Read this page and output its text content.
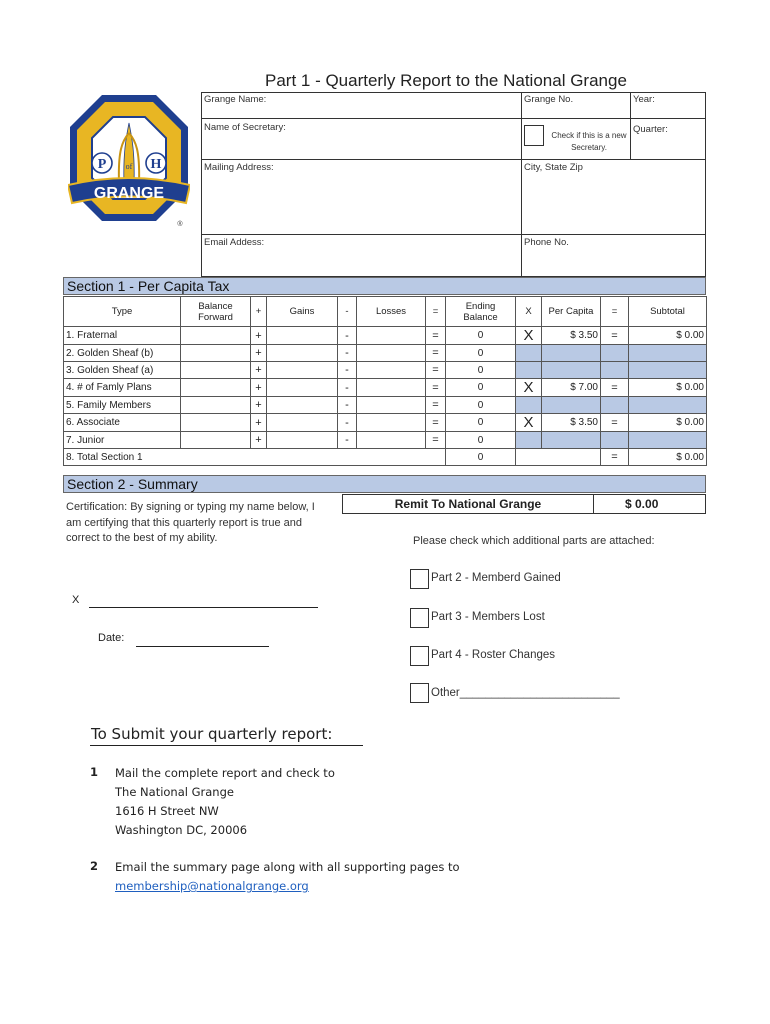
Part 1 - Quarterly Report to the National Grange
P of H
GRANGE
®
Grange Name:	Grange No.	Year:
Name of Secretary:
Check if this is a new Secretary.
Quarter:
Mailing Address:	City, State Zip
Email Addess:	Phone No.
Section 1 - Per Capita Tax
Type	Balance Forward	+	Gains	-	Losses	=	Ending Balance	X	Per Capita	=	Subtotal
1. Fraternal		+		-		=	0	X	$ 3.50	=	$ 0.00
2. Golden Sheaf (b)		+		-		=	0				
3. Golden Sheaf (a)		+		-		=	0				
4. # of Famly Plans		+		-		=	0	X	$ 7.00	=	$ 0.00
5. Family Members		+		-		=	0				
6. Associate		+		-		=	0	X	$ 3.50	=	$ 0.00
7. Junior		+		-		=	0				
8. Total Section 1							0			=	$ 0.00
Section 2 - Summary
Remit To National Grange	$ 0.00
Certification: By signing or typing my name below, I am certifying that this quarterly report is true and correct to the best of my ability.	Please check which additional parts are attached:
Part 2 - Memberd Gained
Part 3 - Members Lost
Part 4 - Roster Changes
Other_________________________
X
Date:
To Submit your quarterly report:
1 Mail the complete report and check to
The National Grange
1616 H Street NW
Washington DC, 20006
2 Email the summary page along with all supporting pages to
membership@nationalgrange.org
